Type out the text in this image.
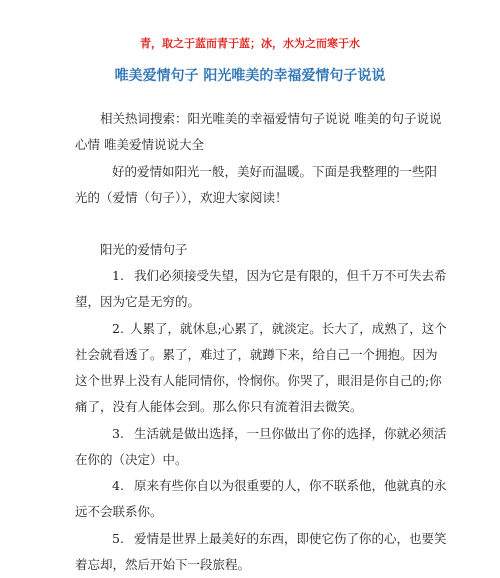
青，取之于蓝而青于蓝；冰，水为之而寒于水
唯美爱情句子 阳光唯美的幸福爱情句子说说
相关热词搜索：阳光唯美的幸福爱情句子说说 唯美的句子说说
心情 唯美爱情说说大全
好的爱情如阳光一般，美好而温暖。下面是我整理的一些阳
光的（爱情（句子）），欢迎大家阅读！
阳光的爱情句子
1. 我们必须接受失望，因为它是有限的，但千万不可失去希
望，因为它是无穷的。
2. 人累了，就休息;心累了，就淡定。长大了，成熟了，这个
社会就看透了。累了，难过了，就蹲下来，给自己一个拥抱。因为
这个世界上没有人能同情你，怜悯你。你哭了，眼泪是你自己的;你
痛了，没有人能体会到。那么你只有流着泪去微笑。
3. 生活就是做出选择，一旦你做出了你的选择，你就必须活
在你的（决定）中。
4. 原来有些你自以为很重要的人，你不联系他，他就真的永
远不会联系你。
5. 爱情是世界上最美好的东西，即使它伤了你的心，也要笑
着忘却，然后开始下一段旅程。
